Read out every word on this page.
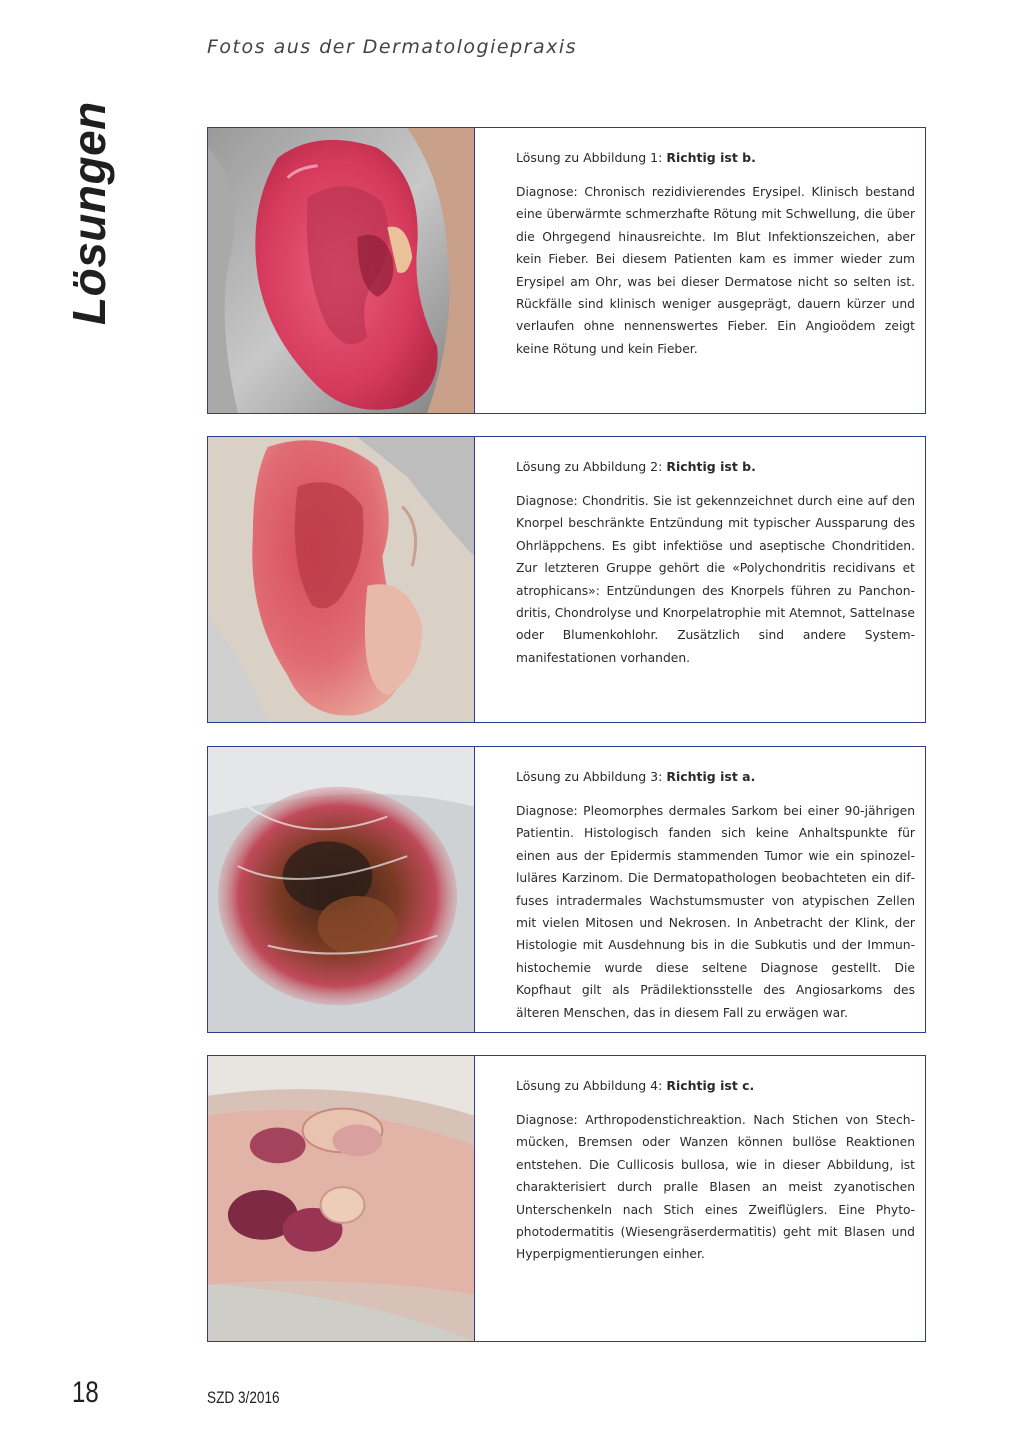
Fotos aus der Dermatologiepraxis
Lösungen	Lösung zu Abbildung 1: Richtig ist b.

Diagnose: Chronisch rezidivierendes Erysipel. Klinisch bestand eine überwärmte schmerzhafte Rötung mit Schwellung, die über die Ohrgegend hinausreichte. Im Blut Infektionszeichen, aber kein Fieber. Bei diesem Patienten kam es immer wieder zum Erysipel am Ohr, was bei dieser Dermatose nicht so selten ist. Rückfälle sind klinisch weniger ausgeprägt, dauern kürzer und verlaufen ohne nennenswertes Fieber. Ein Angioödem zeigt keine Rötung und kein Fieber.

Lösung zu Abbildung 2: Richtig ist b.

Diagnose: Chondritis. Sie ist gekennzeichnet durch eine auf den Knorpel beschränkte Entzündung mit typischer Aussparung des Ohrläppchens. Es gibt infektiöse und aseptische Chondritiden. Zur letzteren Gruppe gehört die «Polychondritis recidivans et atrophicans»: Entzündungen des Knorpels führen zu Panchondritis, Chondrolyse und Knorpelatrophie mit Atemnot, Sattelnase oder Blumenkohlohr. Zusätzlich sind andere Systemmanifestationen vorhanden.

Lösung zu Abbildung 3: Richtig ist a.

Diagnose: Pleomorphes dermales Sarkom bei einer 90-jährigen Patientin. Histologisch fanden sich keine Anhaltspunkte für einen aus der Epidermis stammenden Tumor wie ein spinozelluläres Karzinom. Die Dermatopathologen beobachteten ein diffuses intradermales Wachstumsmuster von atypischen Zellen mit vielen Mitosen und Nekrosen. In Anbetracht der Klink, der Histologie mit Ausdehnung bis in die Subkutis und der Immunhistochemie wurde diese seltene Diagnose gestellt. Die Kopfhaut gilt als Prädilektionsstelle des Angiosarkoms des älteren Menschen, das in diesem Fall zu erwägen war.

Lösung zu Abbildung 4: Richtig ist c.

Diagnose: Arthropodenstichreaktion. Nach Stichen von Stechmücken, Bremsen oder Wanzen können bullöse Reaktionen entstehen. Die Cullicosis bullosa, wie in dieser Abbildung, ist charakterisiert durch pralle Blasen an meist zyanotischen Unterschenkeln nach Stich eines Zweiflüglers. Eine Phytophotodermatitis (Wiesengräserdermatitis) geht mit Blasen und Hyperpigmentierungen einher.

18	SZD 3/2016
